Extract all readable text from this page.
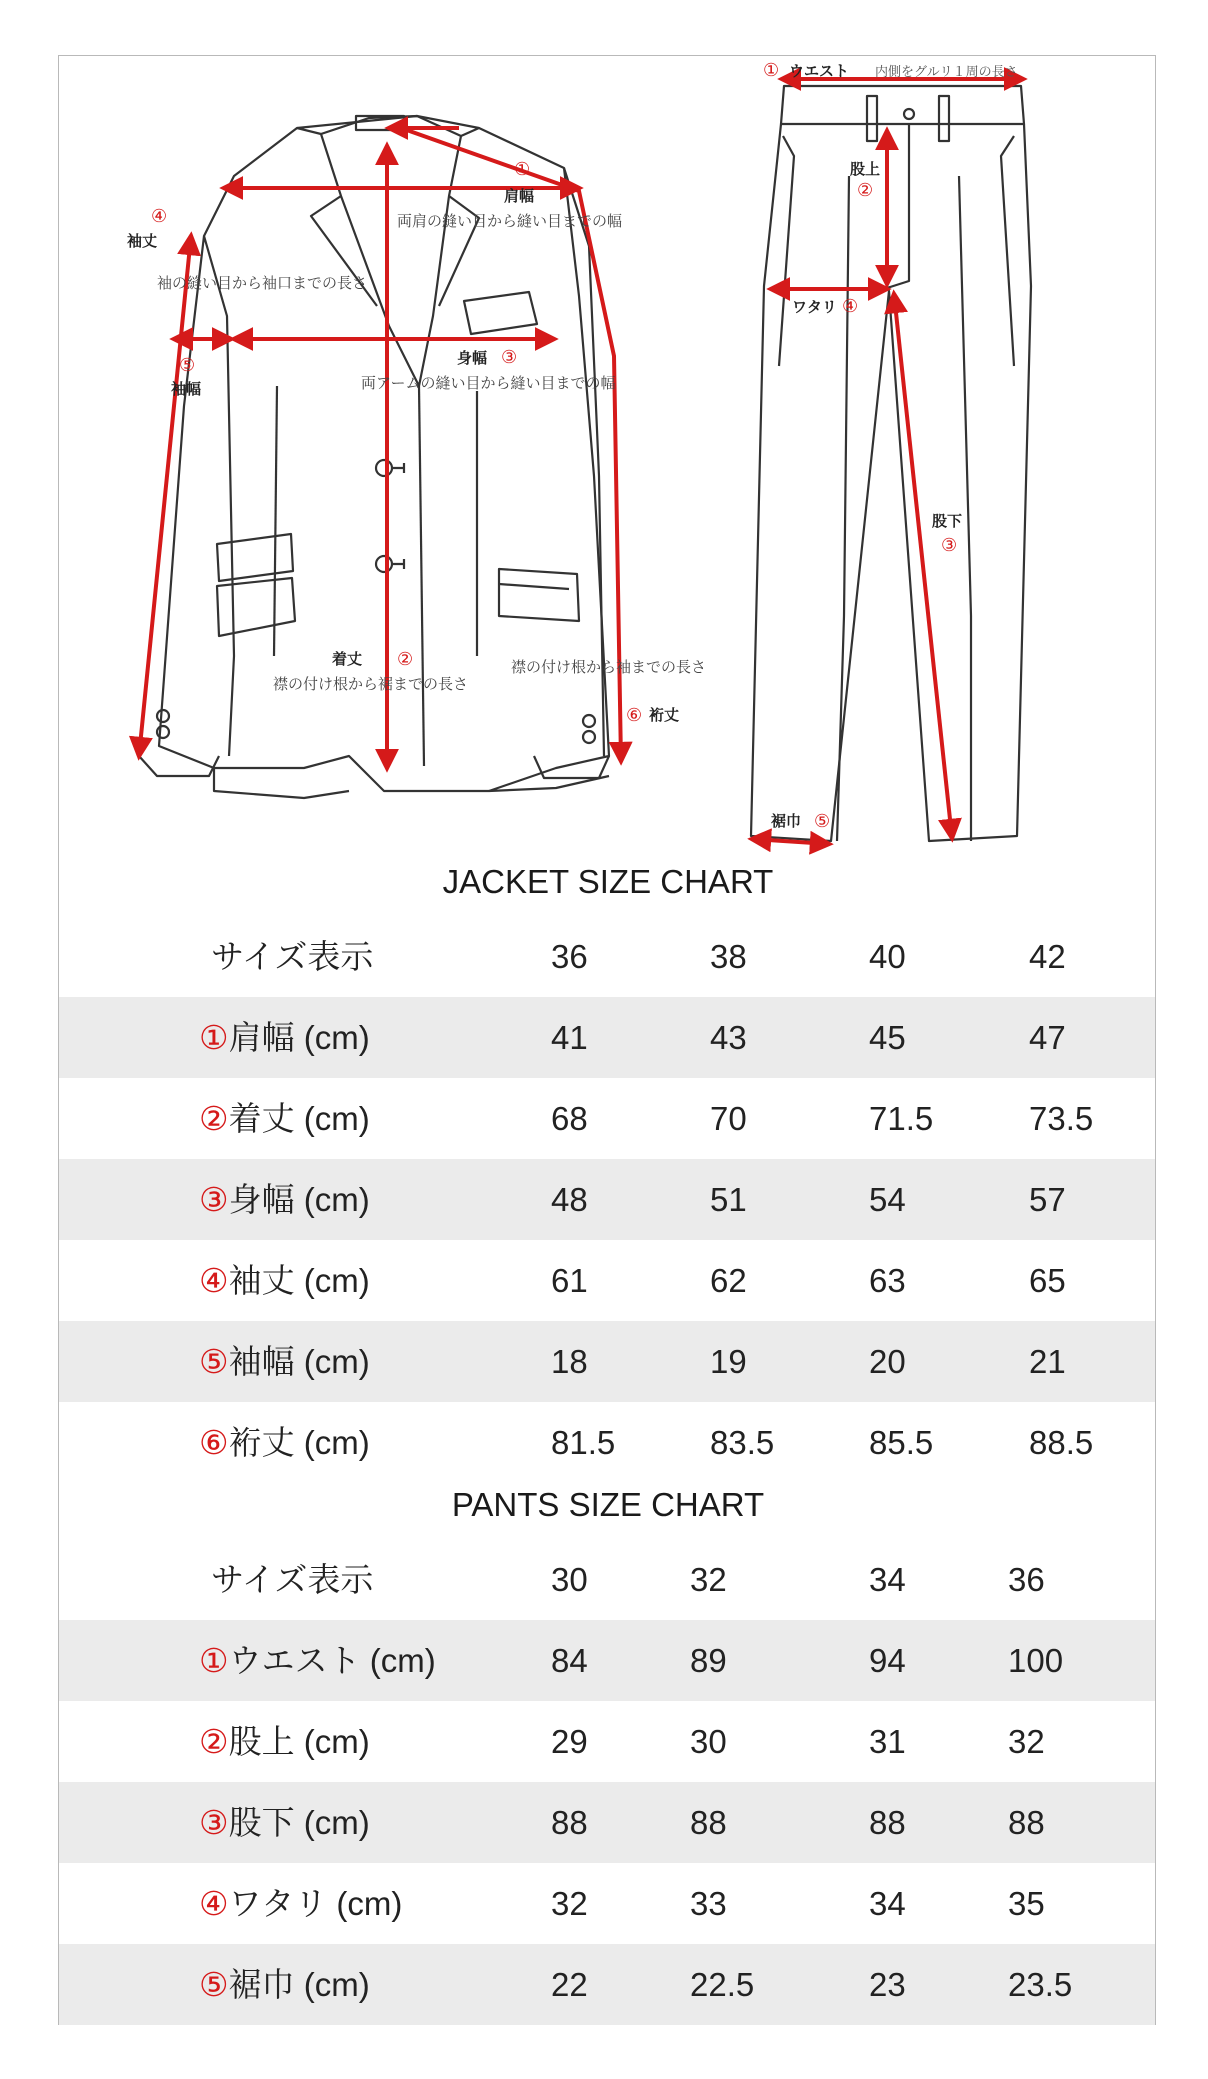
①
肩幅
両肩の縫い目から縫い目までの幅
④
袖丈
袖の縫い目から袖口までの長さ
⑤
袖幅
身幅 ③
両アームの縫い目から縫い目までの幅
着丈 ②
襟の付け根から裾までの長さ
襟の付け根から袖までの長さ
⑥ 裄丈
① ウエスト 内側をグルリ１周の長さ
股上
②
ワタリ ④
股下
③
裾巾 ⑤
JACKET SIZE CHART
PANTS SIZE CHART
サイズ表示	36	38	40	42
①肩幅 (cm)	41	43	45	47
②着丈 (cm)	68	70	71.5	73.5
③身幅 (cm)	48	51	54	57
④袖丈 (cm)	61	62	63	65
⑤袖幅 (cm)	18	19	20	21
⑥裄丈 (cm)	81.5	83.5	85.5	88.5
サイズ表示	30	32	34	36
①ウエスト (cm)	84	89	94	100
②股上 (cm)	29	30	31	32
③股下 (cm)	88	88	88	88
④ワタリ (cm)	32	33	34	35
⑤裾巾 (cm)	22	22.5	23	23.5
